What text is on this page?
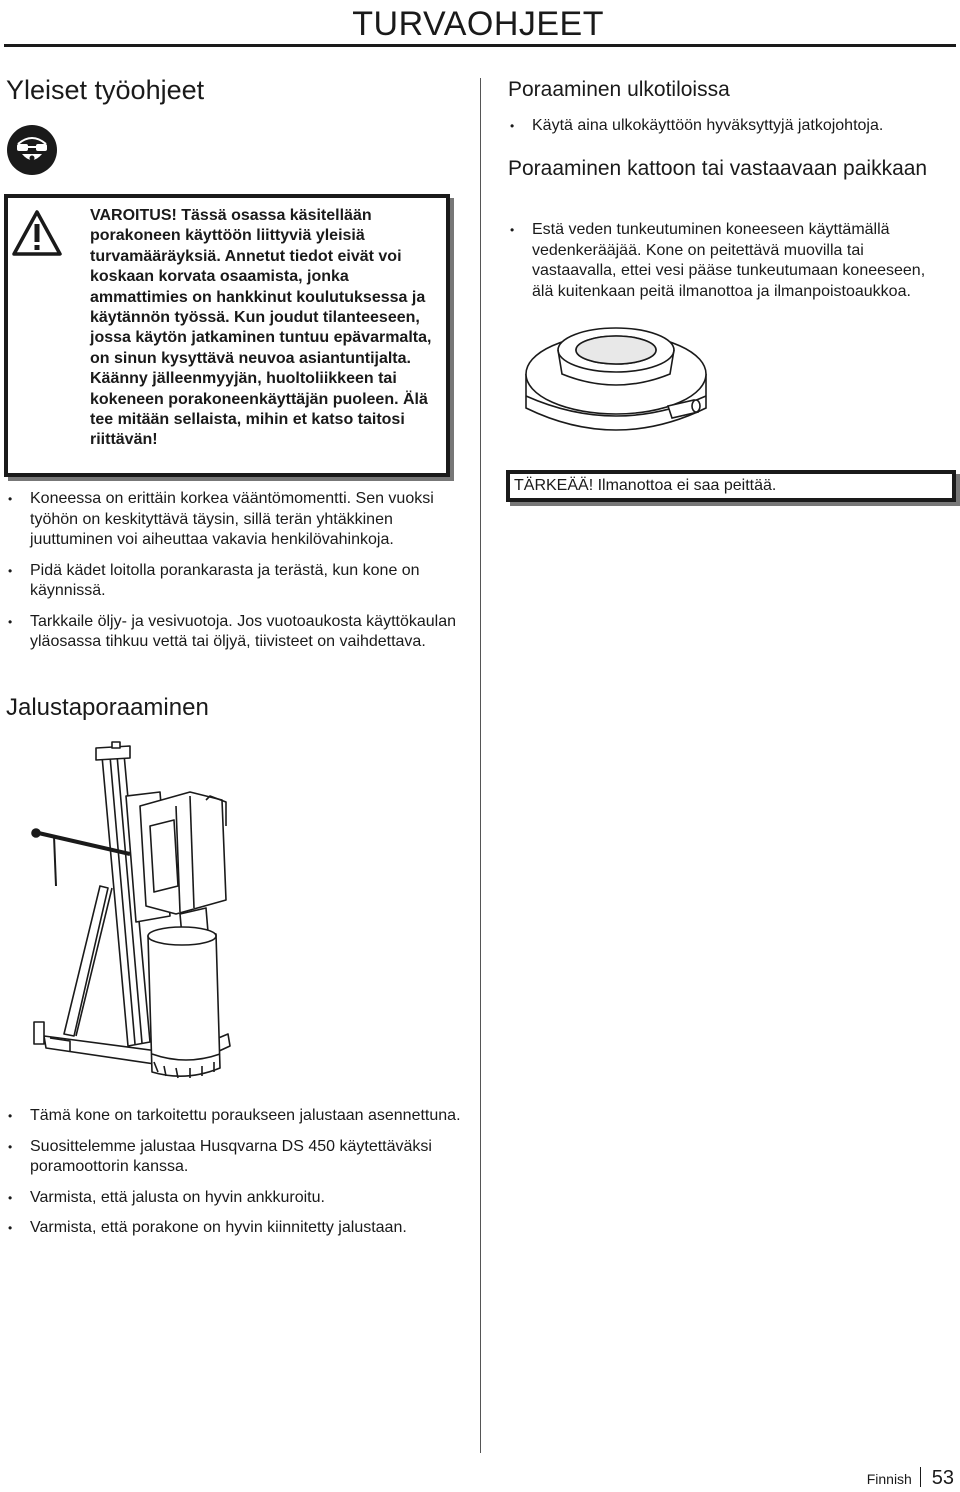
TURVAOHJEET
Yleiset työohjeet

VAROITUS! Tässä osassa käsitellään porakoneen käyttöön liittyviä yleisiä turvamääräyksiä. Annetut tiedot eivät voi koskaan korvata osaamista, jonka ammattimies on hankkinut koulutuksessa ja käytännön työssä. Kun joudut tilanteeseen, jossa käytön jatkaminen tuntuu epävarmalta, on sinun kysyttävä neuvoa asiantuntijalta. Käänny jälleenmyyjän, huoltoliikkeen tai kokeneen porakoneenkäyttäjän puoleen. Älä tee mitään sellaista, mihin et katso taitosi riittävän!

• Koneessa on erittäin korkea vääntömomentti. Sen vuoksi työhön on keskityttävä täysin, sillä terän yhtäkkinen juuttuminen voi aiheuttaa vakavia henkilövahinkoja.
• Pidä kädet loitolla porankarasta ja terästä, kun kone on käynnissä.
• Tarkkaile öljy- ja vesivuotoja. Jos vuotoaukosta käyttökaulan yläosassa tihkuu vettä tai öljyä, tiivisteet on vaihdettava.
Jalustaporaaminen
• Tämä kone on tarkoitettu poraukseen jalustaan asennettuna.
• Suosittelemme jalustaa Husqvarna DS 450 käytettäväksi poramoottorin kanssa.
• Varmista, että jalusta on hyvin ankkuroitu.
• Varmista, että porakone on hyvin kiinnitetty jalustaan.
Poraaminen ulkotiloissa
• Käytä aina ulkokäyttöön hyväksyttyjä jatkojohtoja.
Poraaminen kattoon tai vastaavaan paikkaan
• Estä veden tunkeutuminen koneeseen käyttämällä vedenkerääjää. Kone on peitettävä muovilla tai vastaavalla, ettei vesi pääse tunkeutumaan koneeseen, älä kuitenkaan peitä ilmanottoa ja ilmanpoistoaukkoa.

TÄRKEÄÄ! Ilmanottoa ei saa peittää.

Finnish 53
